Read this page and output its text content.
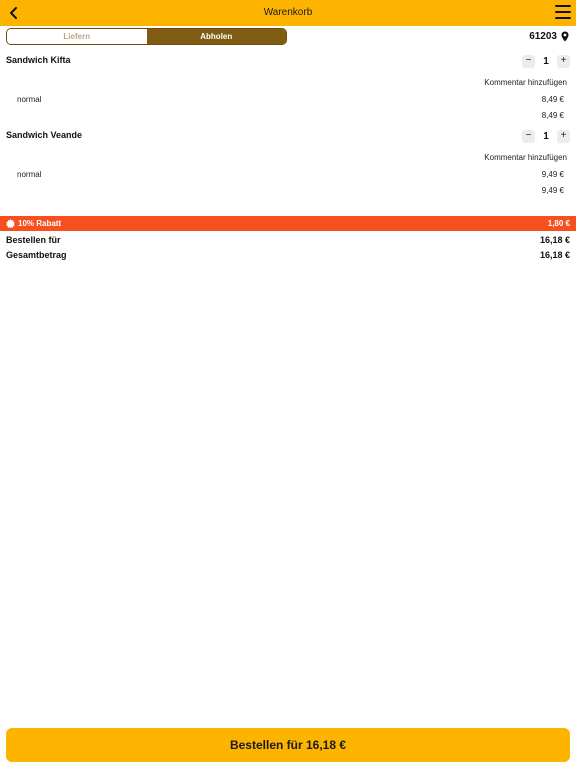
Warenkorb
Liefern	Abholen	61203
Sandwich Kifta	−	1	+
Kommentar hinzufügen
normal	8,49 €
8,49 €
Sandwich Veande	−	1	+
Kommentar hinzufügen
normal	9,49 €
9,49 €
10% Rabatt	1,80 €
Bestellen für	16,18 €
Gesamtbetrag	16,18 €
Bestellen für 16,18 €
